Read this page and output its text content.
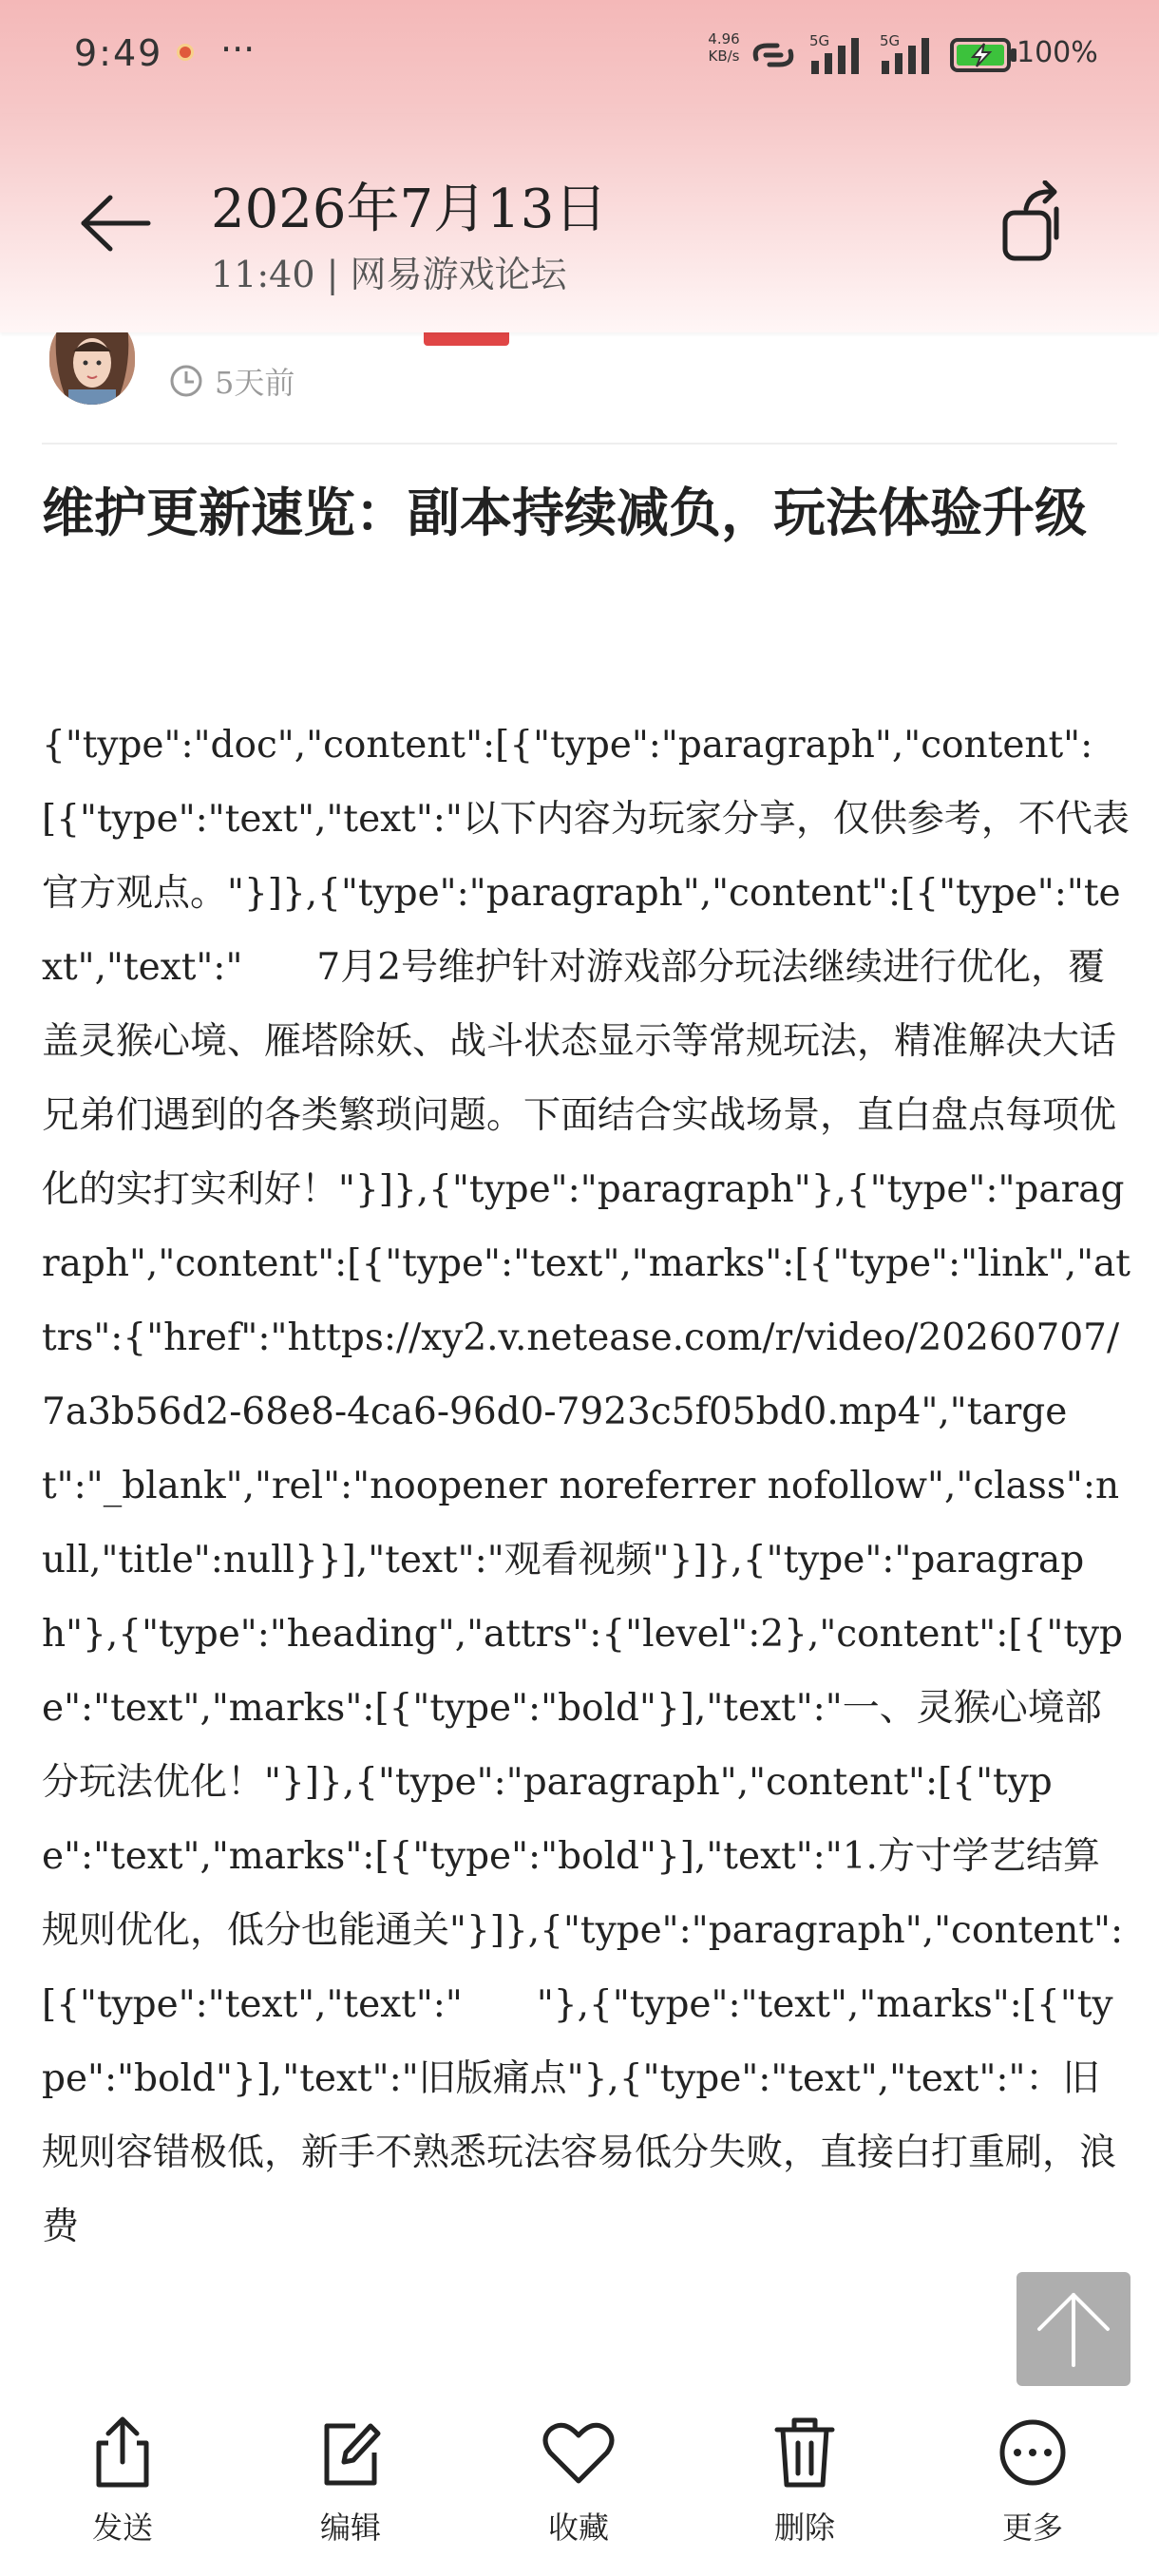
9:49 ···	4.96
KB/s
5G	5G	100%
2026年7月13日
11:40 | 网易游戏论坛
5天前
维护更新速览：副本持续减负，玩法体验升级
{"type":"doc","content":[{"type":"paragraph","content":[{"type":"text","text":"以下内容为玩家分享，仅供参考，不代表官方观点。"}]},{"type":"paragraph","content":[{"type":"text","text":"　　7月2号维护针对游戏部分玩法继续进行优化，覆盖灵猴心境、雁塔除妖、战斗状态显示等常规玩法，精准解决大话兄弟们遇到的各类繁琐问题。下面结合实战场景，直白盘点每项优化的实打实利好！"}]},{"type":"paragraph"},{"type":"paragraph","content":[{"type":"text","marks":[{"type":"link","attrs":{"href":"https://xy2.v.netease.com/r/video/20260707/7a3b56d2-68e8-4ca6-96d0-7923c5f05bd0.mp4","target":"_blank","rel":"noopener noreferrer nofollow","class":null,"title":null}}],"text":"观看视频"}]},{"type":"paragraph"},{"type":"heading","attrs":{"level":2},"content":[{"type":"text","marks":[{"type":"bold"}],"text":"一、灵猴心境部分玩法优化！"}]},{"type":"paragraph","content":[{"type":"text","marks":[{"type":"bold"}],"text":"1.方寸学艺结算规则优化，低分也能通关"}]},{"type":"paragraph","content":[{"type":"text","text":"　　"},{"type":"text","marks":[{"type":"bold"}],"text":"旧版痛点"},{"type":"text","text":"：旧规则容错极低，新手不熟悉玩法容易低分失败，直接白打重刷，浪费
发送	编辑	收藏	删除	更多
